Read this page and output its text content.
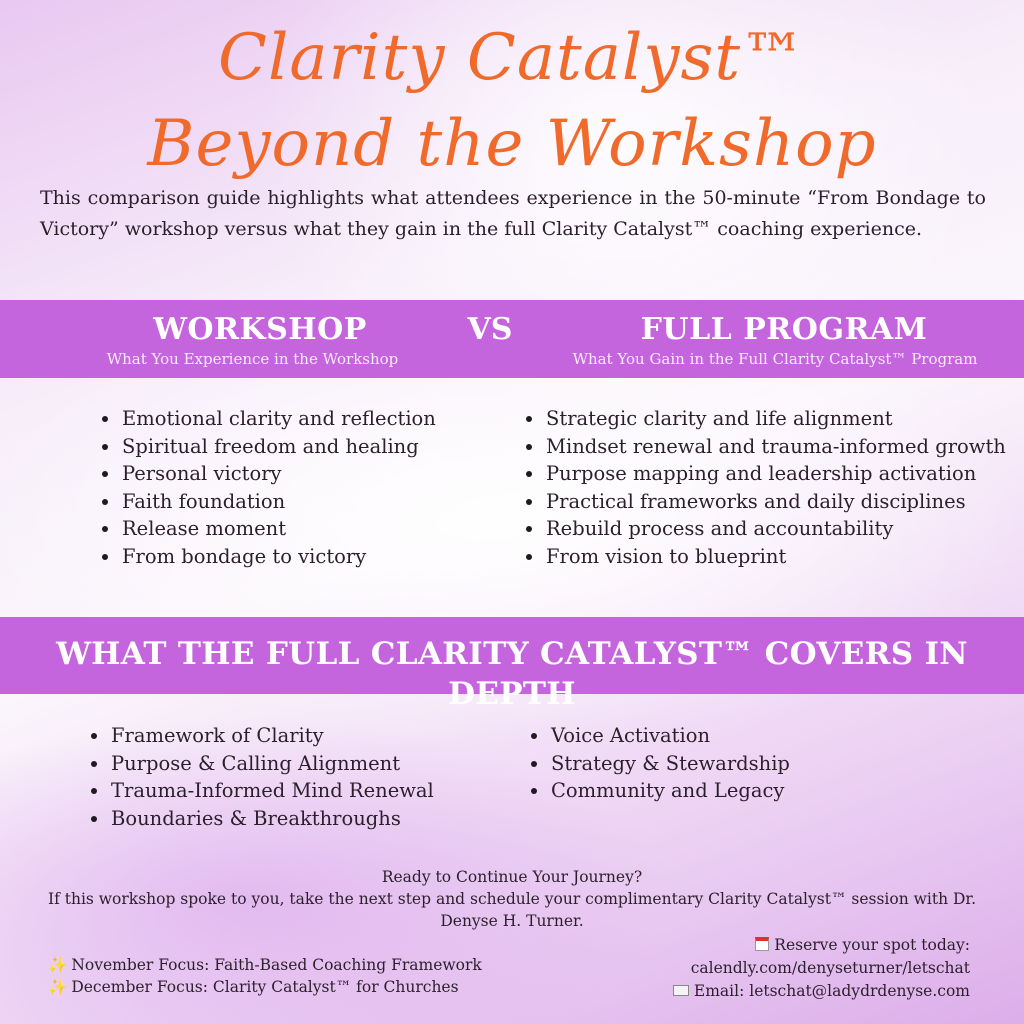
Clarity Catalyst™
Beyond the Workshop
This comparison guide highlights what attendees experience in the 50-minute “From Bondage to Victory” workshop versus what they gain in the full Clarity Catalyst™ coaching experience.
WORKSHOP
What You Experience in the Workshop
VS	FULL PROGRAM
What You Gain in the Full Clarity Catalyst™ Program
Emotional clarity and reflection
Spiritual freedom and healing
Personal victory
Faith foundation
Release moment
From bondage to victory
Strategic clarity and life alignment
Mindset renewal and trauma-informed growth
Purpose mapping and leadership activation
Practical frameworks and daily disciplines
Rebuild process and accountability
From vision to blueprint
WHAT THE FULL CLARITY CATALYST™ COVERS IN DEPTH
Framework of Clarity
Purpose & Calling Alignment
Trauma-Informed Mind Renewal
Boundaries & Breakthroughs
Voice Activation
Strategy & Stewardship
Community and Legacy
Ready to Continue Your Journey?
If this workshop spoke to you, take the next step and schedule your complimentary Clarity Catalyst™ session with Dr.
Denyse H. Turner.
✨ November Focus: Faith-Based Coaching Framework
✨ December Focus: Clarity Catalyst™ for Churches
Reserve your spot today:
calendly.com/denyseturner/letschat
Email: letschat@ladydrdenyse.com
